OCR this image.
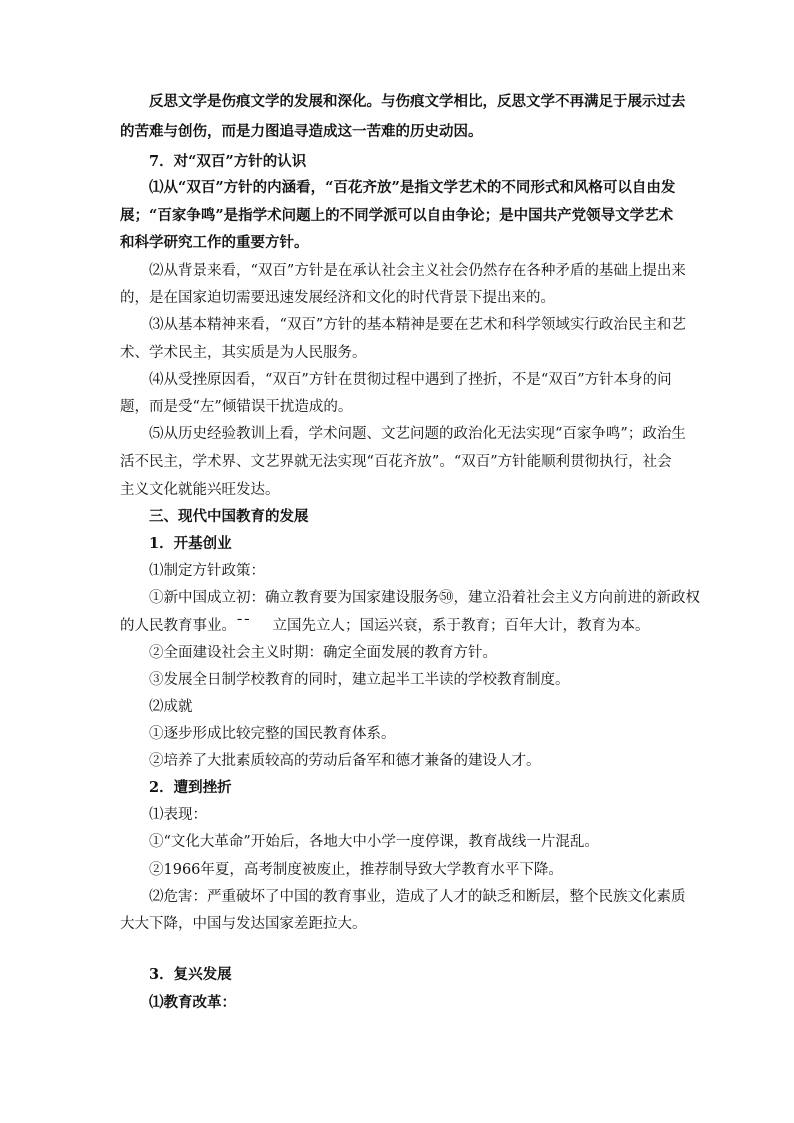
反思文学是伤痕文学的发展和深化。与伤痕文学相比，反思文学不再满足于展示过去
的苦难与创伤，而是力图追寻造成这一苦难的历史动因。
7．对“双百”方针的认识
⑴从“双百”方针的内涵看，“百花齐放”是指文学艺术的不同形式和风格可以自由发
展；“百家争鸣”是指学术问题上的不同学派可以自由争论；是中国共产党领导文学艺术
和科学研究工作的重要方针。
⑵从背景来看，“双百”方针是在承认社会主义社会仍然存在各种矛盾的基础上提出来
的，是在国家迫切需要迅速发展经济和文化的时代背景下提出来的。
⑶从基本精神来看，“双百”方针的基本精神是要在艺术和科学领域实行政治民主和艺
术、学术民主，其实质是为人民服务。
⑷从受挫原因看，“双百”方针在贯彻过程中遇到了挫折，不是“双百”方针本身的问
题，而是受“左”倾错误干扰造成的。
⑸从历史经验教训上看，学术问题、文艺问题的政治化无法实现“百家争鸣”；政治生
活不民主，学术界、文艺界就无法实现“百花齐放”。“双百”方针能顺利贯彻执行，社会
主义文化就能兴旺发达。
三、现代中国教育的发展
1．开基创业
⑴制定方针政策：
①新中国成立初：确立教育要为国家建设服务㊿，建立沿着社会主义方向前进的新政权
的人民教育事业。¯¯ 立国先立人；国运兴衰，系于教育；百年大计，教育为本。
②全面建设社会主义时期：确定全面发展的教育方针。
③发展全日制学校教育的同时，建立起半工半读的学校教育制度。
⑵成就
①逐步形成比较完整的国民教育体系。
②培养了大批素质较高的劳动后备军和德才兼备的建设人才。
2．遭到挫折
⑴表现：
①“文化大革命”开始后，各地大中小学一度停课，教育战线一片混乱。
②1966年夏，高考制度被废止，推荐制导致大学教育水平下降。
⑵危害：严重破坏了中国的教育事业，造成了人才的缺乏和断层，整个民族文化素质
大大下降，中国与发达国家差距拉大。
3．复兴发展
⑴教育改革：
